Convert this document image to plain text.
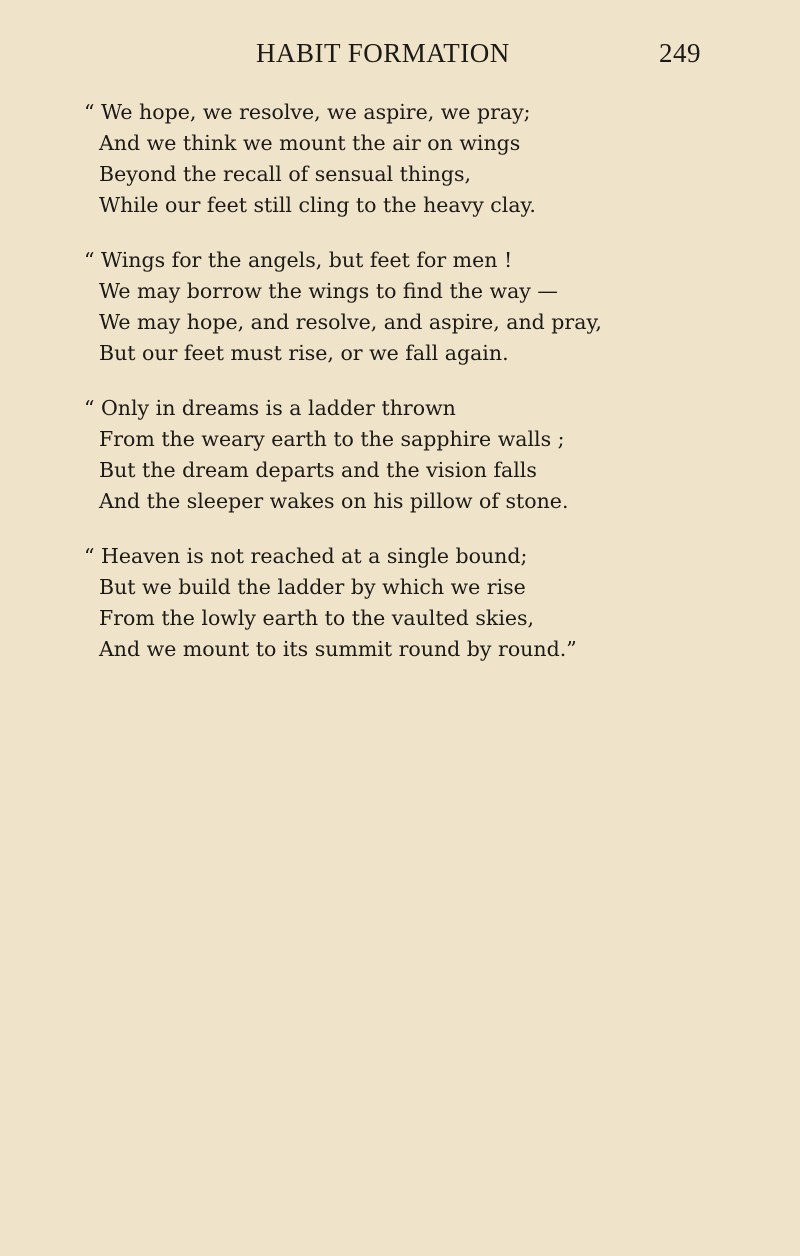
HABIT FORMATION	249
“ We hope, we resolve, we aspire, we pray;
And we think we mount the air on wings
Beyond the recall of sensual things,
While our feet still cling to the heavy clay.
“ Wings for the angels, but feet for men !
We may borrow the wings to find the way —
We may hope, and resolve, and aspire, and pray,
But our feet must rise, or we fall again.
“ Only in dreams is a ladder thrown
From the weary earth to the sapphire walls ;
But the dream departs and the vision falls
And the sleeper wakes on his pillow of stone.
“ Heaven is not reached at a single bound;
But we build the ladder by which we rise
From the lowly earth to the vaulted skies,
And we mount to its summit round by round.”
